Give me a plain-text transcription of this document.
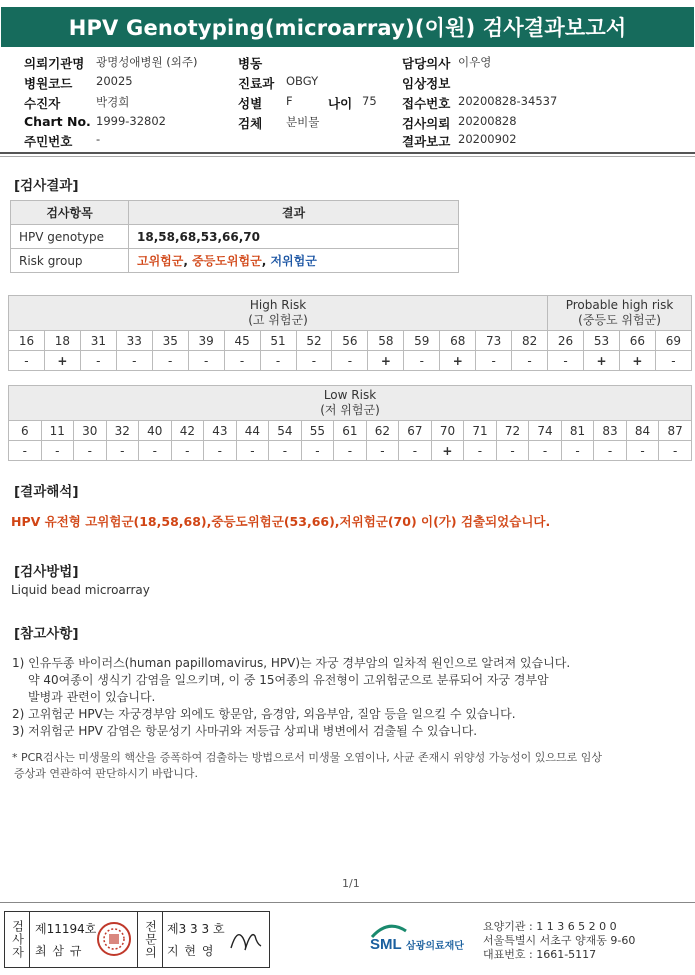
HPV Genotyping(microarray)(이원) 검사결과보고서
의뢰기관명 광명성애병원 (외주)	병동	담당의사 이우영
병원코드 20025	진료과 OBGY	임상정보
수진자	박경희	성별 F	나이 75 접수번호 20200828-34537
Chart No. 1999-32802	검체 분비물	검사의뢰 20200828
주민번호 -	결과보고 20200902
[검사결과]
검사항목	결과
HPV genotype	18,58,68,53,66,70
Risk group	고위험군, 중등도위험군, 저위험군
High Risk
(고 위험군)															Probable high risk
(중등도 위험군)			
16	18	31	33	35	39	45	51	52	56	58	59	68	73	82	26	53	66	69
-	+	-	-	-	-	-	-	-	-	+	-	+	-	-	-	+	+	-
Low Risk
(저 위험군)																				
6	11	30	32	40	42	43	44	54	55	61	62	67	70	71	72	74	81	83	84	87
-	-	-	-	-	-	-	-	-	-	-	-	-	+	-	-	-	-	-	-	-
[결과해석]
HPV 유전형 고위험군(18,58,68),중등도위험군(53,66),저위험군(70) 이(가) 검출되었습니다.
[검사방법]
Liquid bead microarray
[참고사항]
1) 인유두종 바이러스(human papillomavirus, HPV)는 자궁 경부암의 일차적 원인으로 알려져 있습니다.
약 40여종이 생식기 감염을 일으키며, 이 중 15여종의 유전형이 고위험군으로 분류되어 자궁 경부암
발병과 관련이 있습니다.
2) 고위험군 HPV는 자궁경부암 외에도 항문암, 음경암, 외음부암, 질암 등을 일으킬 수 있습니다.
3) 저위험군 HPV 감염은 항문성기 사마귀와 저등급 상피내 병변에서 검출될 수 있습니다.
* PCR검사는 미생물의 핵산을 증폭하여 검출하는 방법으로서 미생물 오염이나, 사균 존재시 위양성 가능성이 있으므로 임상
증상과 연관하여 판단하시기 바랍니다.
1/1
검사자 제11194호
최 삼 규	전문의 제3 3 3 호
지 현 영	SML 삼광의료재단
요양기관 : 1 1 3 6 5 2 0 0
서울특별시 서초구 양재동 9-60
대표번호 : 1661-5117
